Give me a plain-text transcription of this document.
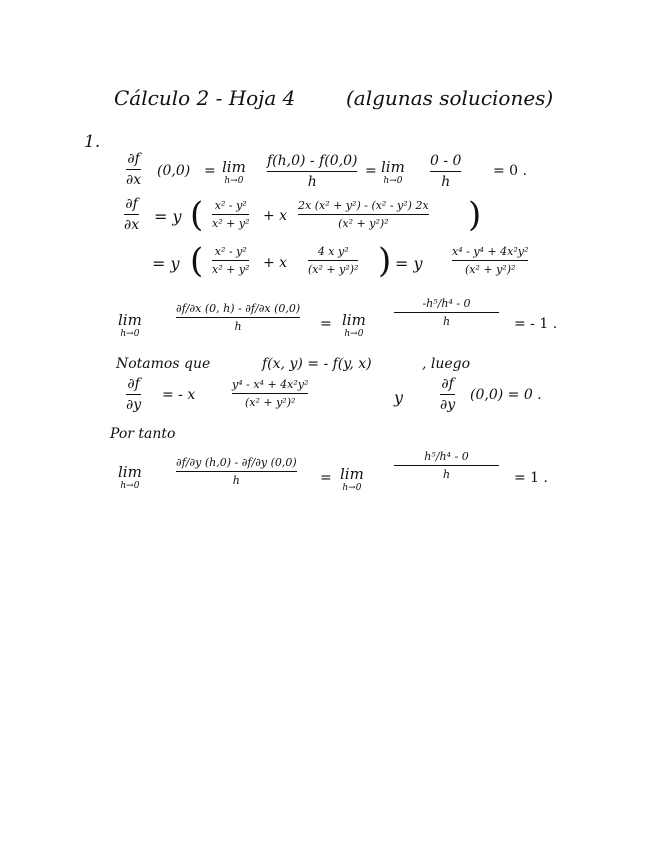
Cálculo 2 - Hoja 4	(algunas soluciones)
1.
∂f
∂x
(0,0) = lim
h→0
f(h,0) - f(0,0)
h
= lim
h→0
0 - 0
h
= 0 .
∂f
∂x = y ( x² - y²
x² + y² + x
2x (x² + y²) - (x² - y²) 2x
(x² + y²)² )
= y ( x² - y²
x² + y² + x
4 x y²
(x² + y²)² ) = y
x⁴ - y⁴ + 4x²y²
(x² + y²)²
lim
h→0
∂f/∂x (0, h) - ∂f/∂x (0,0)
h	= lim
h→0
-h⁵/h⁴ - 0
h	= - 1 .
Notamos que	f(x, y) = - f(y, x)	, luego
∂f
∂y
= - x
y⁴ - x⁴ + 4x²y²
(x² + y²)²	y
∂f
∂y
(0,0) = 0 .
Por tanto
lim
h→0
∂f/∂y (h,0) - ∂f/∂y (0,0)
h	= lim
h→0
h⁵/h⁴ - 0
h	= 1 .
